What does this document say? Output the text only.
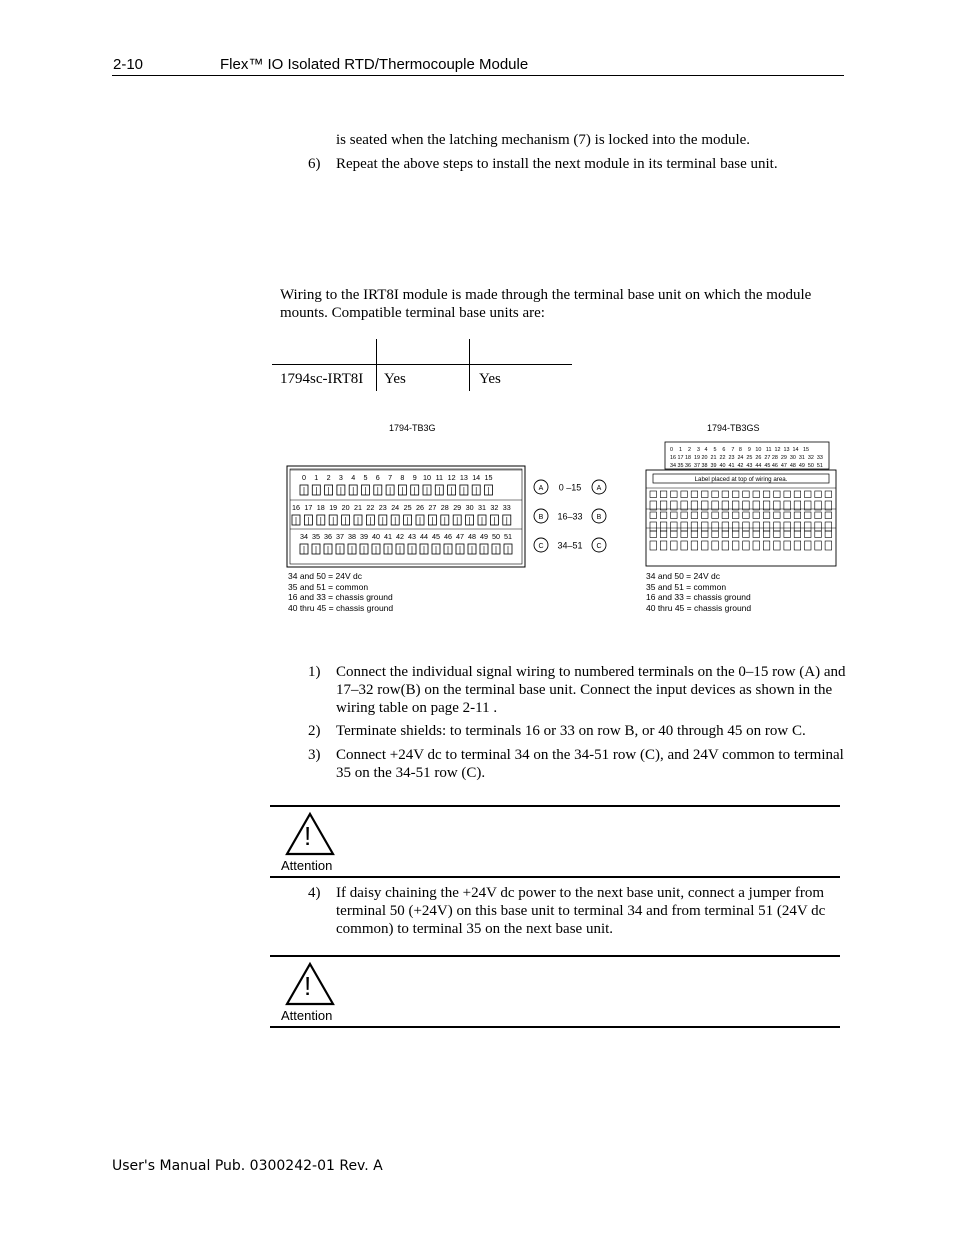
2-10	Flex™ IO Isolated RTD/Thermocouple Module
is seated when the latching mechanism (7) is locked into the module.
6) Repeat the above steps to install the next module in its terminal base unit.
Wiring to the IRT8I module is made through the terminal base unit on which the module mounts. Compatible terminal base units are:
1794sc-IRT8I Yes	Yes
1794-TB3G
0 1 2 3 4 5 6 7 8 9 10 11 12 13 14 15
16 17 18 19 20 21 22 23 24 25 26 27 28 29 30 31 32 33
34 35 36 37 38 39 40 41 42 43 44 45 46 47 48 49 50 51
A 0 –15 A
B 16–33 B
C 34–51 C
34 and 50 = 24V dc
35 and 51 = common
16 and 33 = chassis ground
40 thru 45 = chassis ground
1794-TB3GS
0    1    2    3   4    5    6    7   8    9   10   11  12  13  14   15
16 17 18  19 20  21  22  23  24  25  26  27 28  29  30  31  32  33
34 35 36  37 38  39  40  41  42  43  44  45 46  47  48  49  50  51
Label placed at top of wiring area.
34 and 50 = 24V dc
35 and 51 = common
16 and 33 = chassis ground
40 thru 45 = chassis ground
1) Connect the individual signal wiring to numbered terminals on the 0–15 row (A) and 17–32 row(B) on the terminal base unit. Connect the input devices as shown in the wiring table on page 2-11 .
2) Terminate shields: to terminals 16 or 33 on row B, or 40 through 45 on row C.
3) Connect +24V dc to terminal 34 on the 34-51 row (C), and 24V common to terminal 35 on the 34-51 row (C).
!
Attention
4) If daisy chaining the +24V dc power to the next base unit, connect a jumper from terminal 50 (+24V) on this base unit to terminal 34 and from terminal 51 (24V dc common) to terminal 35 on the next base unit.
!
Attention
User's Manual Pub. 0300242-01 Rev. A
